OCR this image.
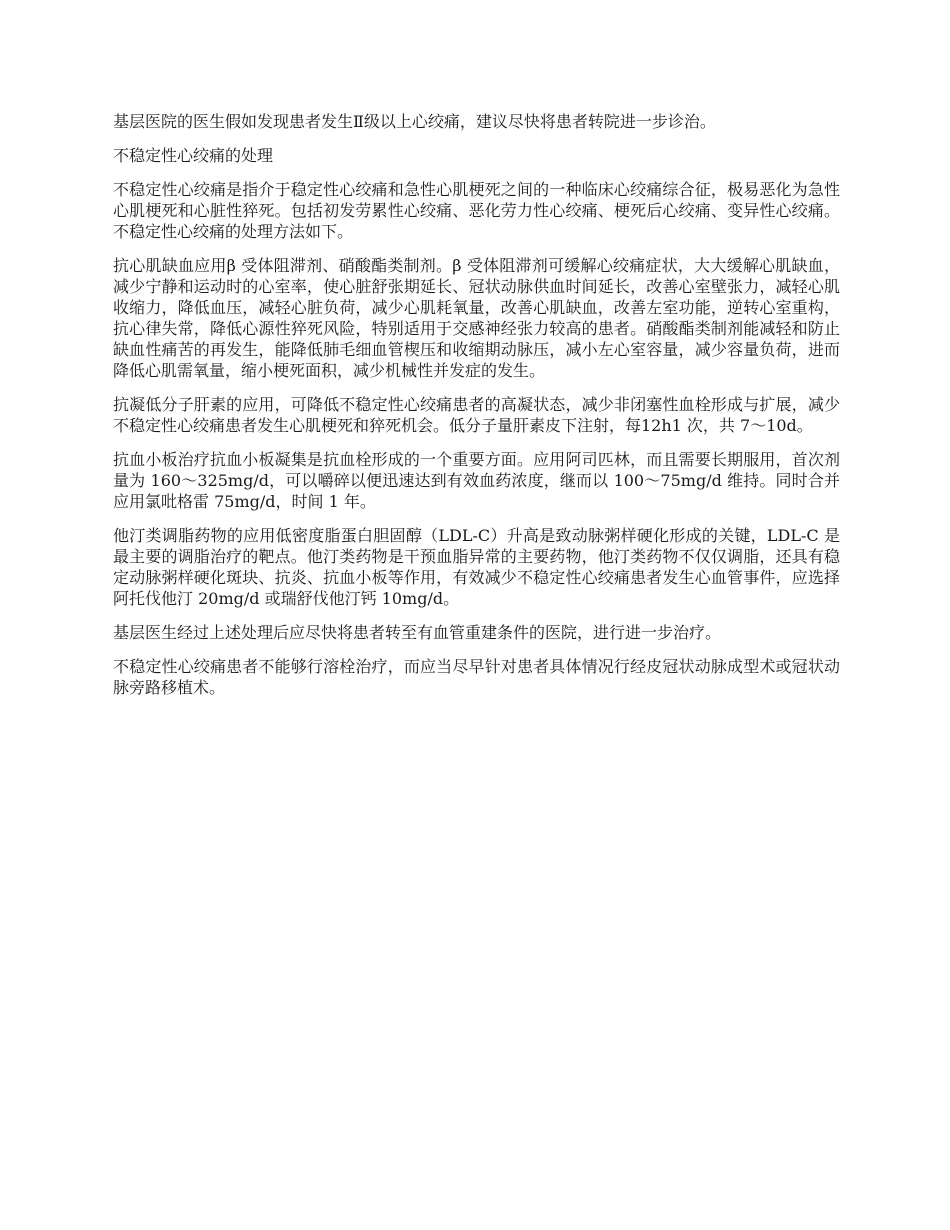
基层医院的医生假如发现患者发生Ⅱ级以上心绞痛，建议尽快将患者转院进一步诊治。

不稳定性心绞痛的处理

不稳定性心绞痛是指介于稳定性心绞痛和急性心肌梗死之间的一种临床心绞痛综合征，极易恶化为急性心肌梗死和心脏性猝死。包括初发劳累性心绞痛、恶化劳力性心绞痛、梗死后心绞痛、变异性心绞痛。不稳定性心绞痛的处理方法如下。

抗心肌缺血应用β 受体阻滞剂、硝酸酯类制剂。β 受体阻滞剂可缓解心绞痛症状，大大缓解心肌缺血，减少宁静和运动时的心室率，使心脏舒张期延长、冠状动脉供血时间延长，改善心室壁张力，减轻心肌收缩力，降低血压，减轻心脏负荷，减少心肌耗氧量，改善心肌缺血，改善左室功能，逆转心室重构，抗心律失常，降低心源性猝死风险，特别适用于交感神经张力较高的患者。硝酸酯类制剂能减轻和防止缺血性痛苦的再发生，能降低肺毛细血管楔压和收缩期动脉压，减小左心室容量，减少容量负荷，进而降低心肌需氧量，缩小梗死面积，减少机械性并发症的发生。

抗凝低分子肝素的应用，可降低不稳定性心绞痛患者的高凝状态，减少非闭塞性血栓形成与扩展，减少不稳定性心绞痛患者发生心肌梗死和猝死机会。低分子量肝素皮下注射，每12h1 次，共 7～10d。

抗血小板治疗抗血小板凝集是抗血栓形成的一个重要方面。应用阿司匹林，而且需要长期服用，首次剂量为 160～325mg/d，可以嚼碎以便迅速达到有效血药浓度，继而以 100～75mg/d 维持。同时合并应用氯吡格雷 75mg/d，时间 1 年。

他汀类调脂药物的应用低密度脂蛋白胆固醇（LDL-C）升高是致动脉粥样硬化形成的关键，LDL-C 是最主要的调脂治疗的靶点。他汀类药物是干预血脂异常的主要药物，他汀类药物不仅仅调脂，还具有稳定动脉粥样硬化斑块、抗炎、抗血小板等作用，有效减少不稳定性心绞痛患者发生心血管事件，应选择阿托伐他汀 20mg/d 或瑞舒伐他汀钙 10mg/d。

基层医生经过上述处理后应尽快将患者转至有血管重建条件的医院，进行进一步治疗。

不稳定性心绞痛患者不能够行溶栓治疗，而应当尽早针对患者具体情况行经皮冠状动脉成型术或冠状动脉旁路移植术。
